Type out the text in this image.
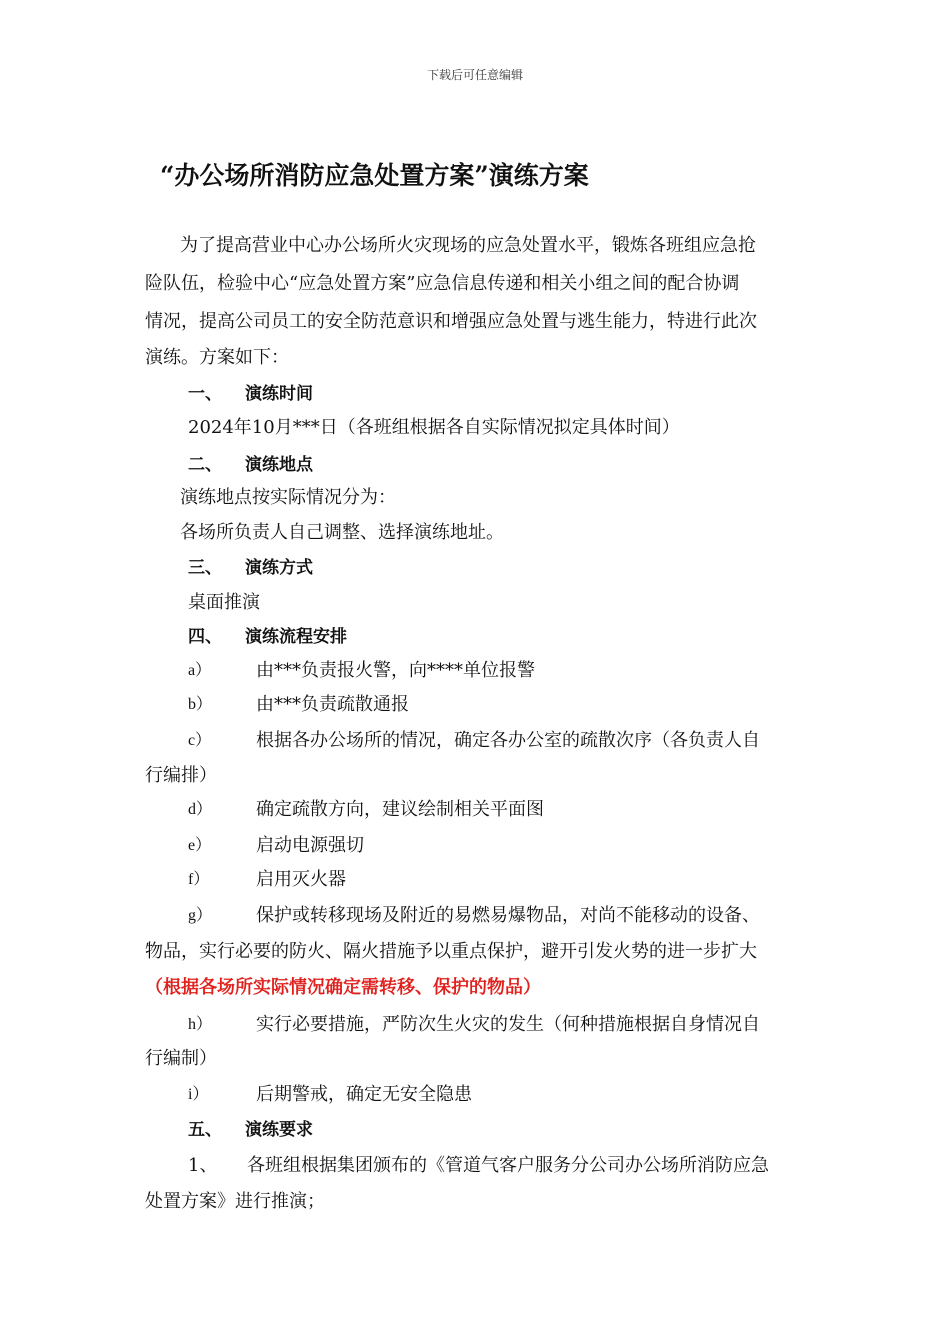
下载后可任意编辑
“办公场所消防应急处置方案”演练方案
为了提高营业中心办公场所火灾现场的应急处置水平，锻炼各班组应急抢
险队伍，检验中心“应急处置方案”应急信息传递和相关小组之间的配合协调
情况，提高公司员工的安全防范意识和增强应急处置与逃生能力，特进行此次
演练。方案如下：
一、 演练时间
2024年10月***日（各班组根据各自实际情况拟定具体时间）
二、 演练地点
演练地点按实际情况分为：
各场所负责人自己调整、选择演练地址。
三、 演练方式
桌面推演
四、 演练流程安排
a） 由***负责报火警，向****单位报警
b） 由***负责疏散通报
c） 根据各办公场所的情况，确定各办公室的疏散次序（各负责人自
行编排）
d） 确定疏散方向，建议绘制相关平面图
e） 启动电源强切
f）	启用灭火器
g） 保护或转移现场及附近的易燃易爆物品，对尚不能移动的设备、
物品，实行必要的防火、隔火措施予以重点保护，避开引发火势的进一步扩大
（根据各场所实际情况确定需转移、保护的物品）
h） 实行必要措施，严防次生火灾的发生（何种措施根据自身情况自
行编制）
i）	后期警戒，确定无安全隐患
五、 演练要求
1、 各班组根据集团颁布的《管道气客户服务分公司办公场所消防应急
处置方案》进行推演；
